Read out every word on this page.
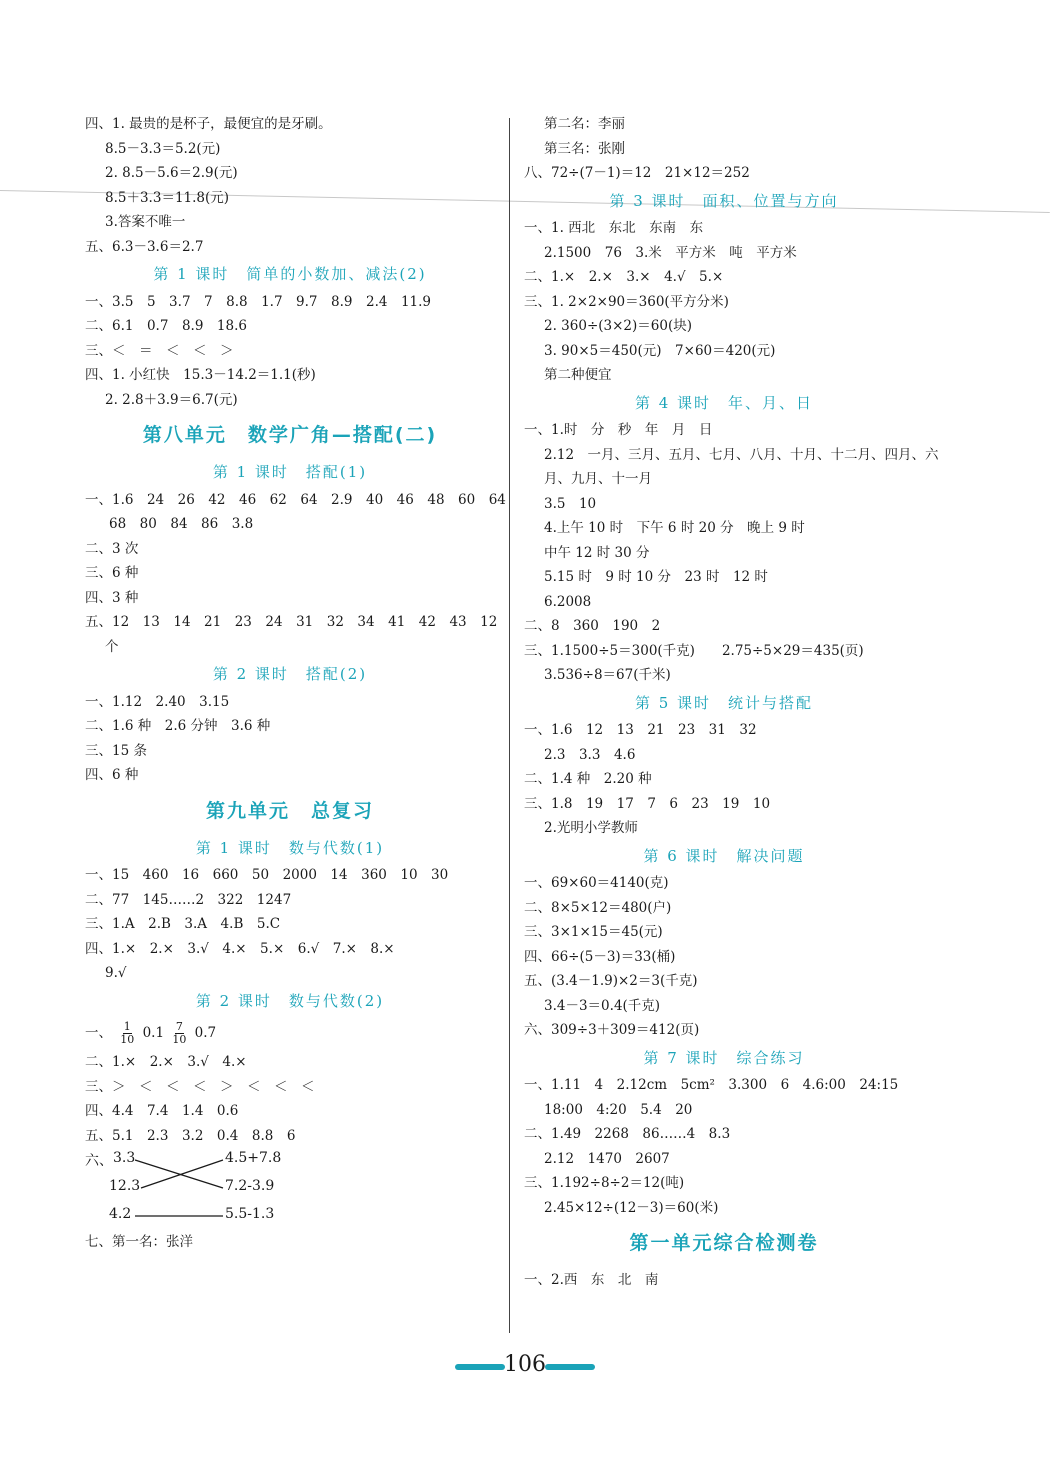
四、1. 最贵的是杯子，最便宜的是牙刷。
8.5－3.3＝5.2(元)
2. 8.5－5.6＝2.9(元)
8.5＋3.3＝11.8(元)
3.答案不唯一
五、6.3－3.6＝2.7
第 1 课时　简单的小数加、减法(2)
一、3.5　5　3.7　7　8.8　1.7　9.7　8.9　2.4　11.9
二、6.1　0.7　8.9　18.6
三、＜　＝　＜　＜　＞
四、1. 小红快　15.3－14.2＝1.1(秒)
2. 2.8＋3.9＝6.7(元)
第八单元　数学广角—搭配(二)
第 1 课时　搭配(1)
一、1.6　24　26　42　46　62　64　2.9　40　46　48　60　64
68　80　84　86　3.8
二、3 次
三、6 种
四、3 种
五、12　13　14　21　23　24　31　32　34　41　42　43　12
个
第 2 课时　搭配(2)
一、1.12　2.40　3.15
二、1.6 种　2.6 分钟　3.6 种
三、15 条
四、6 种
第九单元　总复习
第 1 课时　数与代数(1)
一、15　460　16　660　50　2000　14　360　10　30
二、77　145……2　322　1247
三、1.A　2.B　3.A　4.B　5.C
四、1.×　2.×　3.√　4.×　5.×　6.√　7.×　8.×
9.√
第 2 课时　数与代数(2)
一、 $\frac{1}{10} 0.1 \frac{7}{10} 0.7$
二、1.×　2.×　3.√　4.×
三、＞　＜　＜　＜　＞　＜　＜　＜
四、4.4　7.4　1.4　0.6
五、5.1　2.3　3.2　0.4　8.8　6
六、 3.3
12.3
4.2
4.5+7.8
7.2-3.9
5.5-1.3
七、第一名：张洋
第二名：李丽
第三名：张刚
八、72÷(7－1)＝12　21×12＝252
第 3 课时　面积、位置与方向
一、1. 西北　东北　东南　东
2.1500　76　3.米　平方米　吨　平方米
二、1.×　2.×　3.×　4.√　5.×
三、1. 2×2×90＝360(平方分米)
2. 360÷(3×2)＝60(块)
3. 90×5＝450(元)　7×60＝420(元)
第二种便宜
第 4 课时　年、月、日
一、1.时　分　秒　年　月　日
2.12　一月、三月、五月、七月、八月、十月、十二月、四月、六
月、九月、十一月
3.5　10
4.上午 10 时　下午 6 时 20 分　晚上 9 时
中午 12 时 30 分
5.15 时　9 时 10 分　23 时　12 时
6.2008
二、8　360　190　2
三、1.1500÷5＝300(千克)　　2.75÷5×29＝435(页)
3.536÷8＝67(千米)
第 5 课时　统计与搭配
一、1.6　12　13　21　23　31　32
2.3　3.3　4.6
二、1.4 种　2.20 种
三、1.8　19　17　7　6　23　19　10
2.光明小学教师
第 6 课时　解决问题
一、69×60＝4140(克)
二、8×5×12＝480(户)
三、3×1×15＝45(元)
四、66÷(5－3)＝33(桶)
五、(3.4－1.9)×2＝3(千克)
3.4－3＝0.4(千克)
六、309÷3＋309＝412(页)
第 7 课时　综合练习
一、1.11　4　2.12cm　5cm²　3.300　6　4.6:00　24:15
18:00　4:20　5.4　20
二、1.49　2268　86……4　8.3
2.12　1470　2607
三、1.192÷8÷2＝12(吨)
2.45×12÷(12－3)＝60(米)
第一单元综合检测卷
一、2.西　东　北　南
106
